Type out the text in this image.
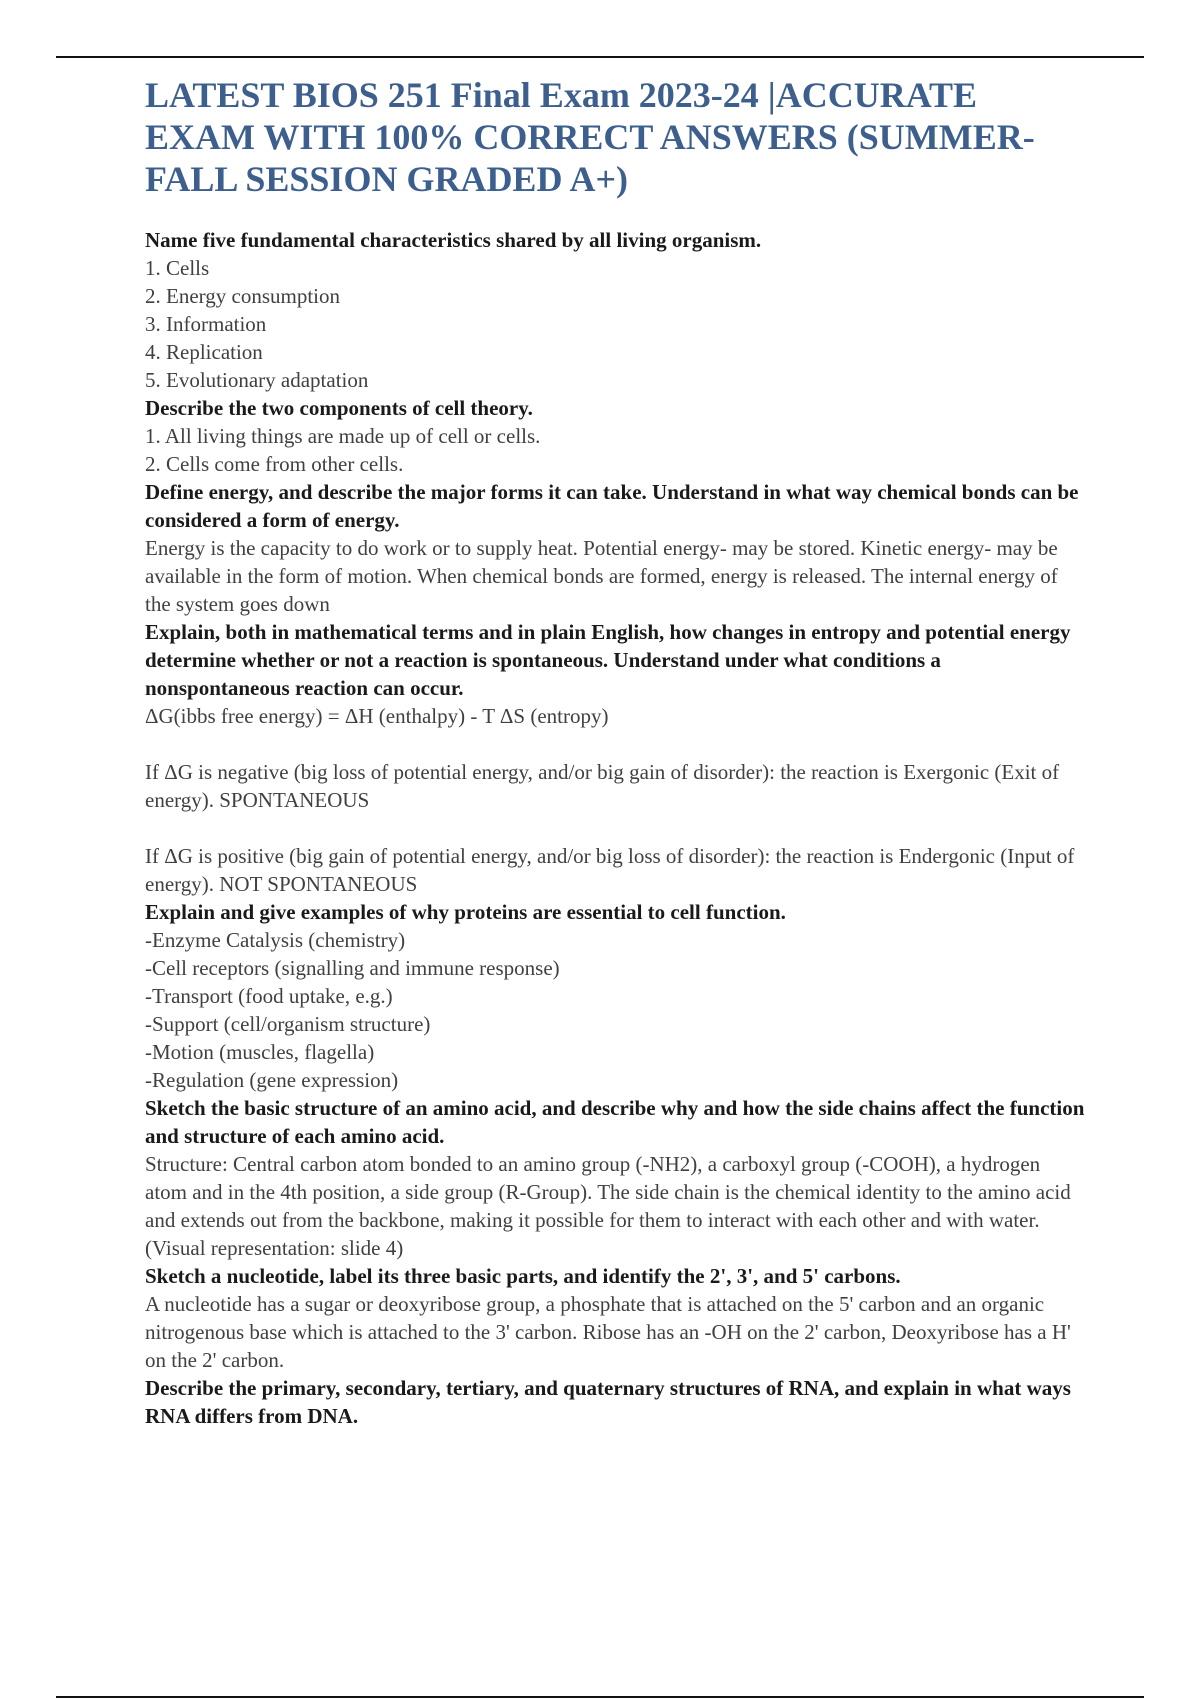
LATEST BIOS 251 Final Exam 2023-24 |ACCURATE EXAM WITH 100% CORRECT ANSWERS (SUMMER-FALL SESSION GRADED A+)

Name five fundamental characteristics shared by all living organism.

1. Cells

2. Energy consumption

3. Information

4. Replication

5. Evolutionary adaptation

Describe the two components of cell theory.

1. All living things are made up of cell or cells.

2. Cells come from other cells.

Define energy, and describe the major forms it can take. Understand in what way chemical bonds can be considered a form of energy.

Energy is the capacity to do work or to supply heat. Potential energy- may be stored. Kinetic energy- may be available in the form of motion. When chemical bonds are formed, energy is released. The internal energy of the system goes down

Explain, both in mathematical terms and in plain English, how changes in entropy and potential energy determine whether or not a reaction is spontaneous. Understand under what conditions a nonspontaneous reaction can occur.

ΔG(ibbs free energy) = ΔH (enthalpy) - T ΔS (entropy)

If ΔG is negative (big loss of potential energy, and/or big gain of disorder): the reaction is Exergonic (Exit of energy). SPONTANEOUS

If ΔG is positive (big gain of potential energy, and/or big loss of disorder): the reaction is Endergonic (Input of energy). NOT SPONTANEOUS

Explain and give examples of why proteins are essential to cell function.

-Enzyme Catalysis (chemistry)

-Cell receptors (signalling and immune response)

-Transport (food uptake, e.g.)

-Support (cell/organism structure)

-Motion (muscles, flagella)

-Regulation (gene expression)

Sketch the basic structure of an amino acid, and describe why and how the side chains affect the function and structure of each amino acid.

Structure: Central carbon atom bonded to an amino group (-NH2), a carboxyl group (-COOH), a hydrogen atom and in the 4th position, a side group (R-Group). The side chain is the chemical identity to the amino acid and extends out from the backbone, making it possible for them to interact with each other and with water. (Visual representation: slide 4)

Sketch a nucleotide, label its three basic parts, and identify the 2', 3', and 5' carbons.

A nucleotide has a sugar or deoxyribose group, a phosphate that is attached on the 5' carbon and an organic nitrogenous base which is attached to the 3' carbon. Ribose has an -OH on the 2' carbon, Deoxyribose has a H' on the 2' carbon.

Describe the primary, secondary, tertiary, and quaternary structures of RNA, and explain in what ways RNA differs from DNA.
